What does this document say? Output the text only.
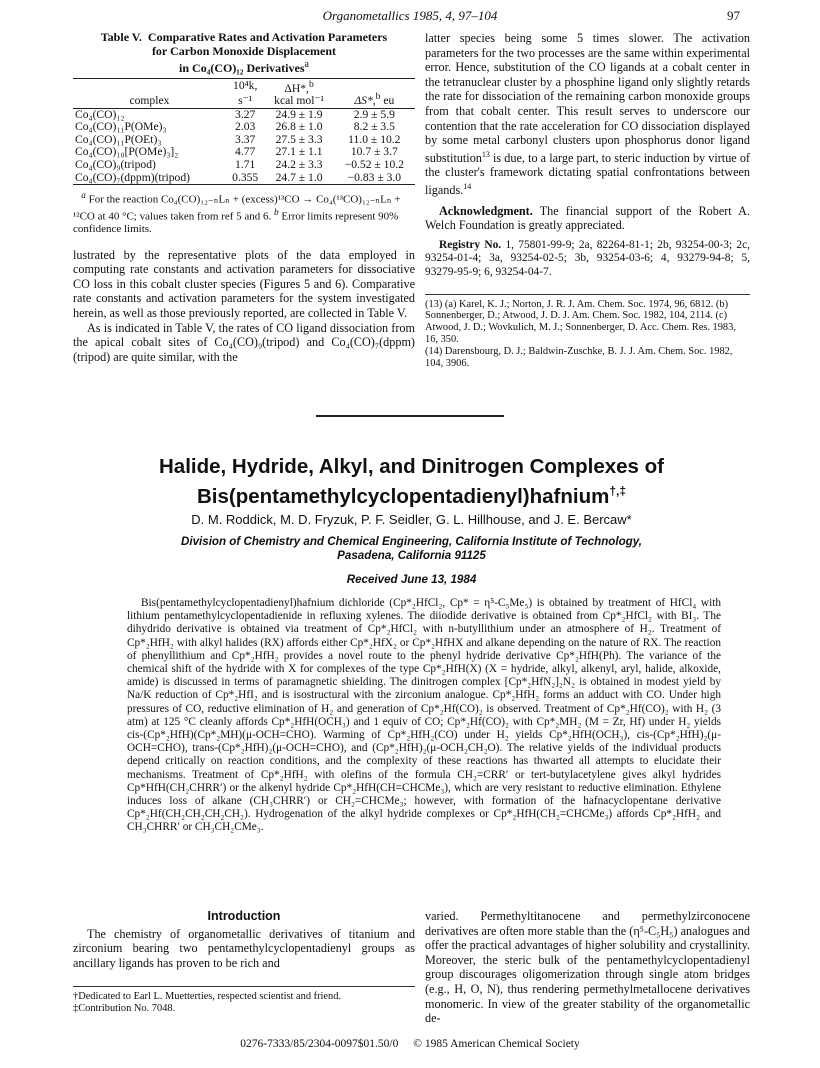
Organometallics 1985, 4, 97–104	97
Table V. Comparative Rates and Activation Parameters
for Carbon Monoxide Displacement
in Co₄(CO)₁₂ Derivatives$^a$
complex	10⁴k,	ΔH*,$^b$	ΔS*,$^b$ eu
	s⁻¹	kcal mol⁻¹	
Co₄(CO)₁₂	3.27	24.9 ± 1.9	2.9 ± 5.9
Co₄(CO)₁₁P(OMe)₃	2.03	26.8 ± 1.0	8.2 ± 3.5
Co₄(CO)₁₁P(OEt)₃	3.37	27.5 ± 3.3	11.0 ± 10.2
Co₄(CO)₁₀[P(OMe)₃]₂	4.77	27.1 ± 1.1	10.7 ± 3.7
Co₄(CO)₉(tripod)	1.71	24.2 ± 3.3	−0.52 ± 10.2
Co₄(CO)₇(dppm)(tripod)	0.355	24.7 ± 1.0	−0.83 ± 3.0
$^a$ For the reaction Co₄(CO)₁₂₋ₙLₙ + (excess)¹³CO → Co₄(¹³CO)₁₂₋ₙLₙ + ¹²CO at 40 °C; values taken from ref 5 and 6. $^b$ Error limits represent 90% confidence limits.

lustrated by the representative plots of the data employed in computing rate constants and activation parameters for dissociative CO loss in this cobalt cluster species (Figures 5 and 6). Comparative rate constants and activation parameters for the system investigated herein, as well as those previously reported, are collected in Table V.

As is indicated in Table V, the rates of CO ligand dissociation from the apical cobalt sites of Co₄(CO)₉(tripod) and Co₄(CO)₇(dppm)(tripod) are quite similar, with the

latter species being some 5 times slower. The activation parameters for the two processes are the same within experimental error. Hence, substitution of the CO ligands at a cobalt center in the tetranuclear cluster by a phosphine ligand only slightly retards the rate for dissociation of the remaining carbon monoxide groups from that cobalt center. This result serves to underscore our contention that the rate acceleration for CO dissociation displayed by some metal carbonyl clusters upon phosphorus donor ligand substitution$^{13}$ is due, to a large part, to steric induction by virtue of the cluster's framework dictating spatial confrontations between ligands.$^{14}$

Acknowledgment. The financial support of the Robert A. Welch Foundation is greatly appreciated.

Registry No. 1, 75801-99-9; 2a, 82264-81-1; 2b, 93254-00-3; 2c, 93254-01-4; 3a, 93254-02-5; 3b, 93254-03-6; 4, 93279-94-8; 5, 93279-95-9; 6, 93254-04-7.

(13) (a) Karel, K. J.; Norton, J. R. J. Am. Chem. Soc. 1974, 96, 6812. (b) Sonnenberger, D.; Atwood, J. D. J. Am. Chem. Soc. 1982, 104, 2114. (c) Atwood, J. D.; Wovkulich, M. J.; Sonnenberger, D. Acc. Chem. Res. 1983, 16, 350.
(14) Darensbourg, D. J.; Baldwin-Zuschke, B. J. J. Am. Chem. Soc. 1982, 104, 3906.
Halide, Hydride, Alkyl, and Dinitrogen Complexes of
Bis(pentamethylcyclopentadienyl)hafnium†,‡
D. M. Roddick, M. D. Fryzuk, P. F. Seidler, G. L. Hillhouse, and J. E. Bercaw*
Division of Chemistry and Chemical Engineering, California Institute of Technology,
Pasadena, California 91125
Received June 13, 1984
Bis(pentamethylcyclopentadienyl)hafnium dichloride (Cp*₂HfCl₂, Cp* = η⁵-C₅Me₅) is obtained by treatment of HfCl₄ with lithium pentamethylcyclopentadienide in refluxing xylenes. The diiodide derivative is obtained from Cp*₂HfCl₂ with BI₃. The dihydrido derivative is obtained via treatment of Cp*₂HfCl₂ with n-butyllithium under an atmosphere of H₂. Treatment of Cp*₂HfH₂ with alkyl halides (RX) affords either Cp*₂HfX₂ or Cp*₂HfHX and alkane depending on the nature of RX. The reaction of phenyllithium and Cp*₂HfH₂ provides a novel route to the phenyl hydride derivative Cp*₂HfH(Ph). The variance of the chemical shift of the hydride with X for complexes of the type Cp*₂HfH(X) (X = hydride, alkyl, alkenyl, aryl, halide, alkoxide, amide) is discussed in terms of paramagnetic shielding. The dinitrogen complex [Cp*₂HfN₂]₂N₂ is obtained in modest yield by Na/K reduction of Cp*₂HfI₂ and is isostructural with the zirconium analogue. Cp*₂HfH₂ forms an adduct with CO. Under high pressures of CO, reductive elimination of H₂ and generation of Cp*₂Hf(CO)₂ is observed. Treatment of Cp*₂Hf(CO)₂ with H₂ (3 atm) at 125 °C cleanly affords Cp*₂HfH(OCH₃) and 1 equiv of CO; Cp*₂Hf(CO)₂ with Cp*₂MH₂ (M = Zr, Hf) under H₂ yields cis-(Cp*₂HfH)(Cp*₂MH)(μ-OCH=CHO). Warming of Cp*₂HfH₂(CO) under H₂ yields Cp*₂HfH(OCH₃), cis-(Cp*₂HfH)₂(μ-OCH=CHO), trans-(Cp*₂HfH)₂(μ-OCH=CHO), and (Cp*₂HfH)₂(μ-OCH₂CH₂O). The relative yields of the individual products depend critically on reaction conditions, and the complexity of these reactions has thwarted all attempts to elucidate their mechanisms. Treatment of Cp*₂HfH₂ with olefins of the formula CH₂=CRR′ or tert-butylacetylene gives alkyl hydrides Cp*HfH(CH₂CHRR′) or the alkenyl hydride Cp*₂HfH(CH=CHCMe₃), which are very resistant to reductive elimination. Ethylene induces loss of alkane (CH₃CHRR′) or CH₂=CHCMe₃; however, with formation of the hafnacyclopentane derivative Cp*₂Hf(CH₂CH₂CH₂CH₂). Hydrogenation of the alkyl hydride complexes or Cp*₂HfH(CH₂=CHCMe₃) affords Cp*₂HfH₂ and CH₃CHRR′ or CH₃CH₂CMe₃.
Introduction

The chemistry of organometallic derivatives of titanium and zirconium bearing two pentamethylcyclopentadienyl groups as ancillary ligands has proven to be rich and

†Dedicated to Earl L. Muetterties, respected scientist and friend.
‡Contribution No. 7048.

varied. Permethyltitanocene and permethylzirconocene derivatives are often more stable than the (η⁵-C₅H₅) analogues and offer the practical advantages of higher solubility and crystallinity. Moreover, the steric bulk of the pentamethylcyclopentadienyl group discourages oligomerization through single atom bridges (e.g., H, O, N), thus rendering permethylmetallocene derivatives monomeric. In view of the greater stability of the organometallic de-

0276-7333/85/2304-0097$01.50/0 © 1985 American Chemical Society
